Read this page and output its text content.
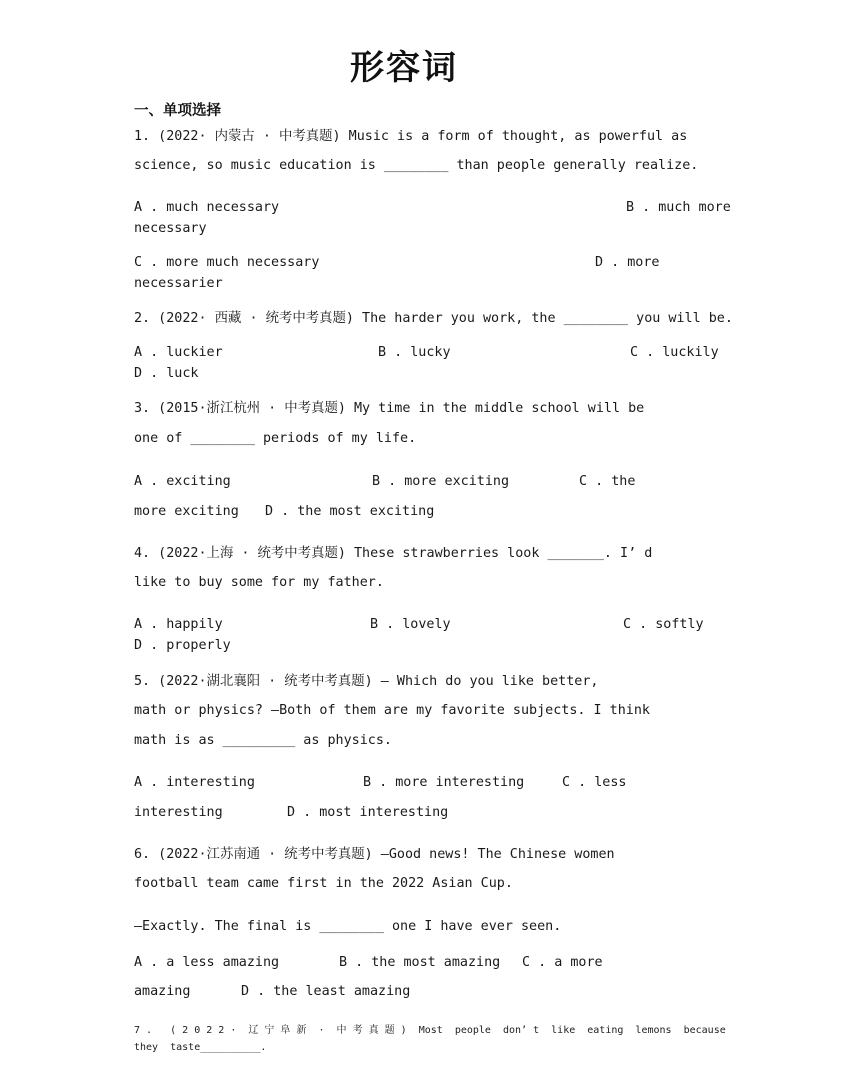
形容词
一、单项选择
1. (2022· 内蒙古 · 中考真题) Music is a form of thought, as powerful as
science, so music education is ________ than people generally realize.
A . much necessary	B . much more
necessary
C . more much necessary	D . more
necessarier
2. (2022· 西藏 · 统考中考真题) The harder you work, the ________ you will be.
A . luckier	B . lucky	C . luckily
D . luck
3. (2015·浙江杭州 · 中考真题) My time in the middle school will be
one of ________ periods of my life.
A . exciting	B . more exciting	C . the
more exciting D . the most exciting
4. (2022·上海 · 统考中考真题) These strawberries look _______. I’ d
like to buy some for my father.
A . happily	B . lovely	C . softly
D . properly
5. (2022·湖北襄阳 · 统考中考真题) — Which do you like better,
math or physics? —Both of them are my favorite subjects. I think
math is as _________ as physics.
A . interesting	B . more interesting	C . less
interesting	D . most interesting
6. (2022·江苏南通 · 统考中考真题) —Good news! The Chinese women
football team came first in the 2022 Asian Cup.
—Exactly. The final is ________ one I have ever seen.
A . a less amazing	B . the most amazing C . a more
amazing	D . the least amazing
7 .   ( 2 0 2 2 ·  辽 宁 阜 新  ·  中 考 真 题 )  Most  people  don’ t  like  eating  lemons  because
they  taste__________.
